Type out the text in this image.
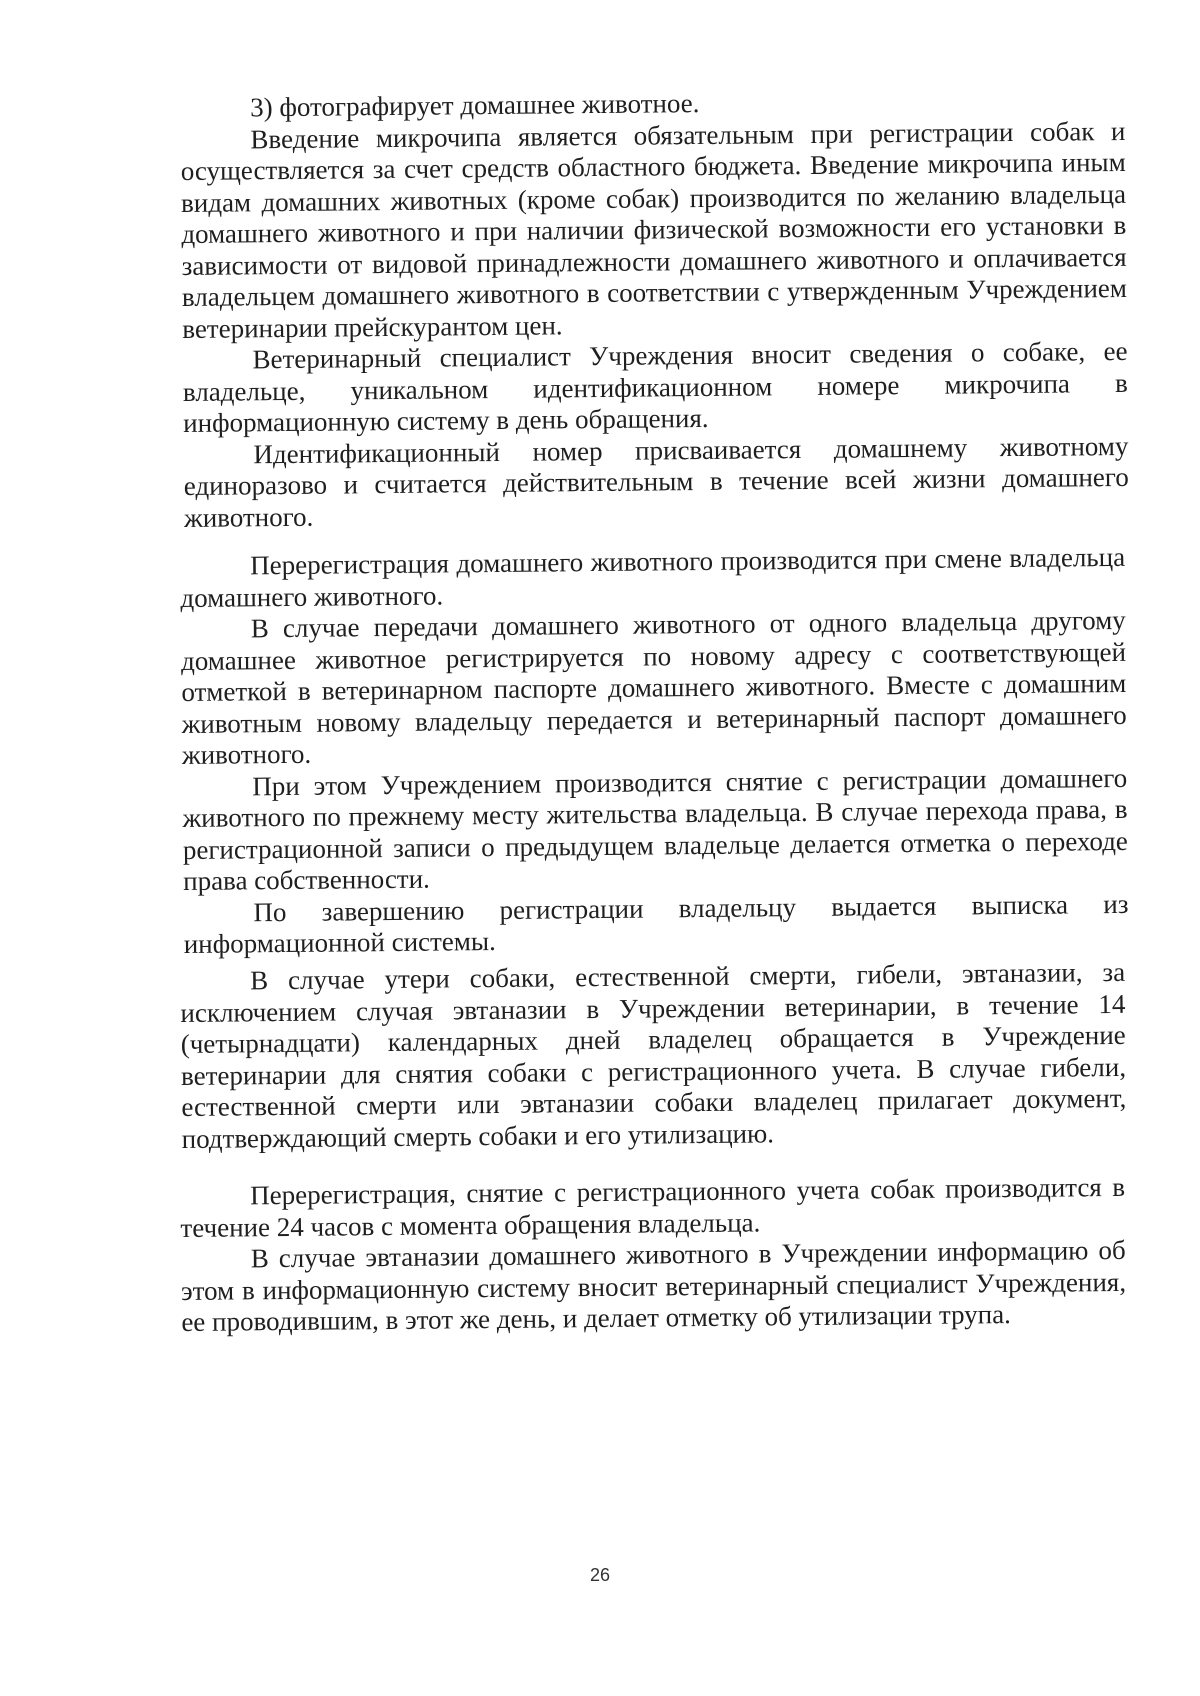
3) фотографирует домашнее животное.

Введение микрочипа является обязательным при регистрации собак и осуществляется за счет средств областного бюджета. Введение микрочипа иным видам домашних животных (кроме собак) производится по желанию владельца домашнего животного и при наличии физической возможности его установки в зависимости от видовой принадлежности домашнего животного и оплачивается владельцем домашнего животного в соответствии с утвержденным Учреждением ветеринарии прейскурантом цен.

Ветеринарный специалист Учреждения вносит сведения о собаке, ее владельце, уникальном идентификационном номере микрочипа в информационную систему в день обращения.

Идентификационный номер присваивается домашнему животному единоразово и считается действительным в течение всей жизни домашнего животного.

Перерегистрация домашнего животного производится при смене владельца домашнего животного.

В случае передачи домашнего животного от одного владельца другому домашнее животное регистрируется по новому адресу с соответствующей отметкой в ветеринарном паспорте домашнего животного. Вместе с домашним животным новому владельцу передается и ветеринарный паспорт домашнего животного.

При этом Учреждением производится снятие с регистрации домашнего животного по прежнему месту жительства владельца. В случае перехода права, в регистрационной записи о предыдущем владельце делается отметка о переходе права собственности.

По завершению регистрации владельцу выдается выписка из информационной системы.

В случае утери собаки, естественной смерти, гибели, эвтаназии, за исключением случая эвтаназии в Учреждении ветеринарии, в течение 14 (четырнадцати) календарных дней владелец обращается в Учреждение ветеринарии для снятия собаки с регистрационного учета. В случае гибели, естественной смерти или эвтаназии собаки владелец прилагает документ, подтверждающий смерть собаки и его утилизацию.

Перерегистрация, снятие с регистрационного учета собак производится в течение 24 часов с момента обращения владельца.

В случае эвтаназии домашнего животного в Учреждении информацию об этом в информационную систему вносит ветеринарный специалист Учреждения, ее проводившим, в этот же день, и делает отметку об утилизации трупа.

26
